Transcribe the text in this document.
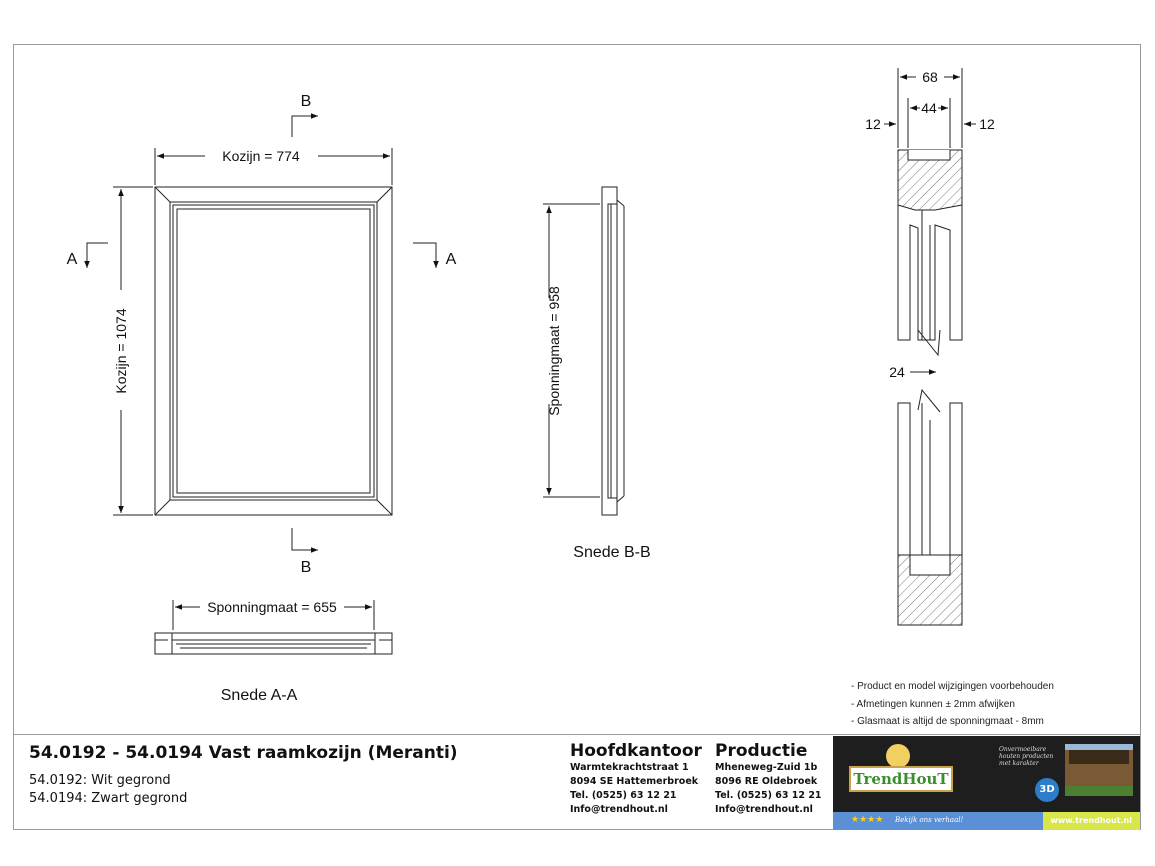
Kozijn = 774
Kozijn = 1074
B
B
A	A
Sponningmaat = 958
Snede B-B
Sponningmaat = 655
Snede A-A
68
44
12	12
24
- Product en model wijzigingen voorbehouden
- Afmetingen kunnen ± 2mm afwijken
- Glasmaat is altijd de sponningmaat - 8mm
54.0192 - 54.0194 Vast raamkozijn (Meranti)
54.0192: Wit gegrond
54.0194: Zwart gegrond
Hoofdkantoor
Warmtekrachtstraat 1
8094 SE Hattemerbroek
Tel. (0525) 63 12 21
Info@trendhout.nl
Productie
Mheneweg-Zuid 1b
8096 RE Oldebroek
Tel. (0525) 63 12 21
Info@trendhout.nl
TrendHouT
Onvermoeibare houten producten met karakter
3D
★★★★ Bekijk ons verhaal!	www.trendhout.nl
